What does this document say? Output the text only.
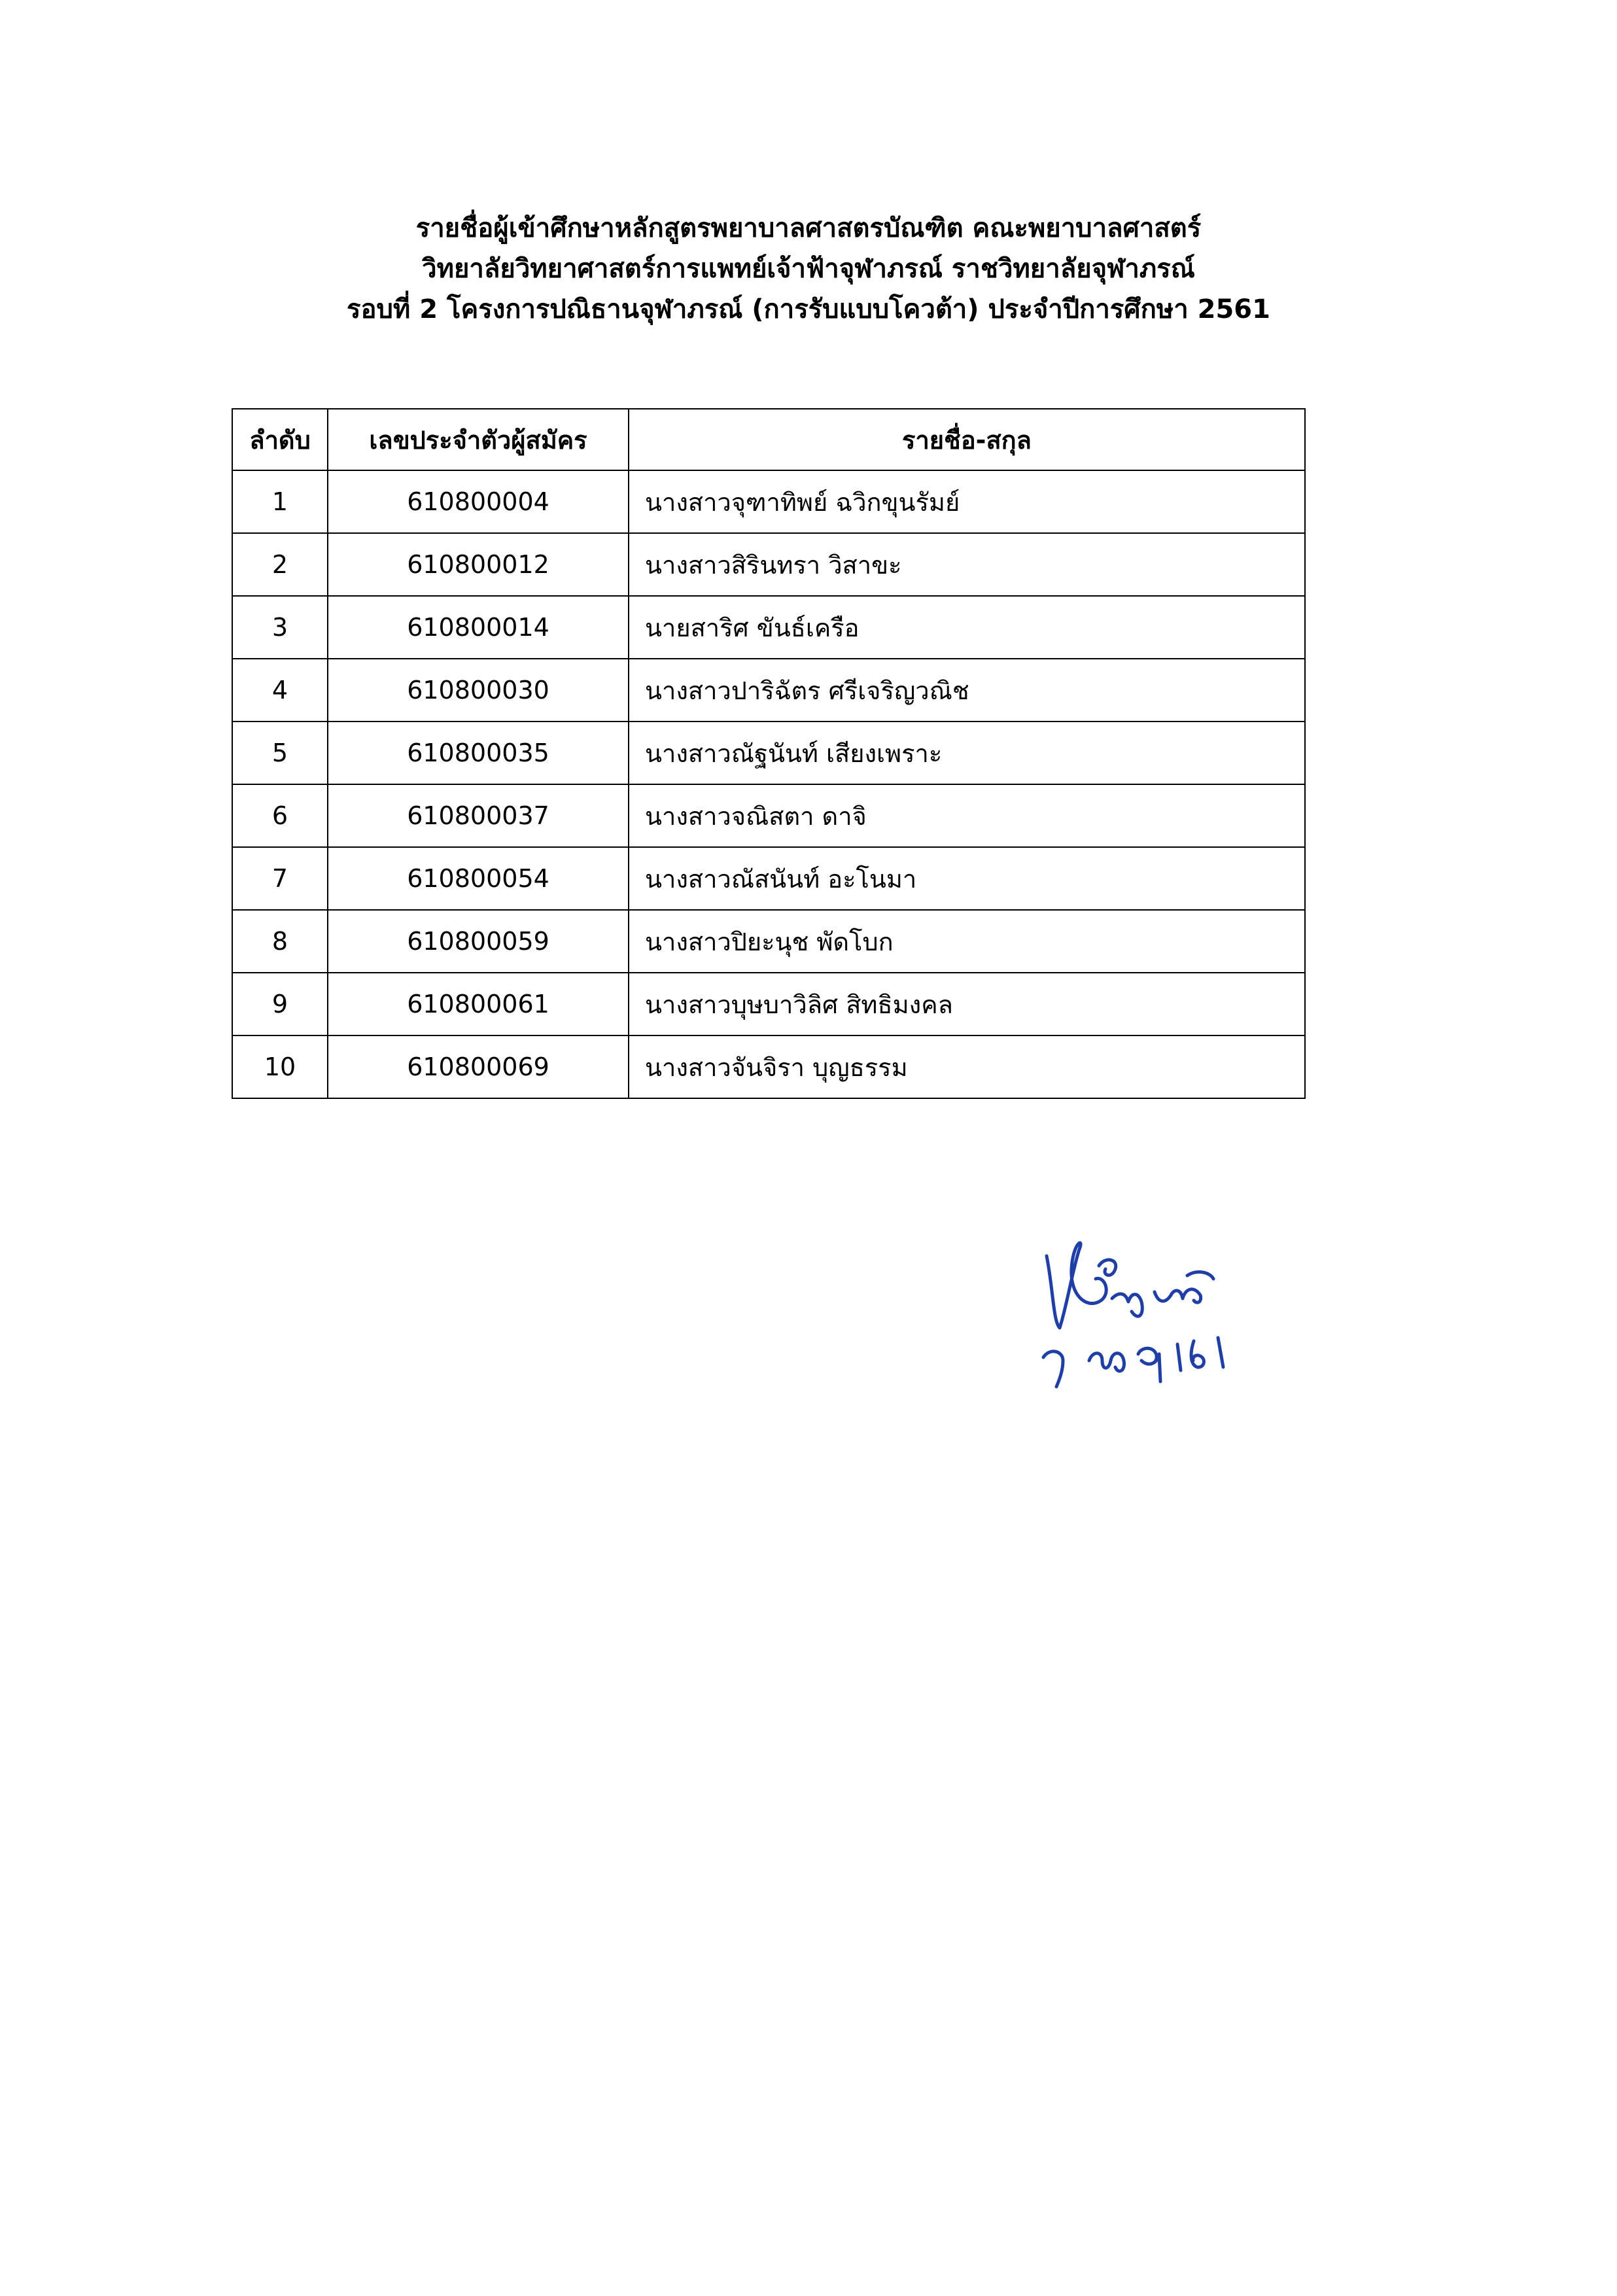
รายชื่อผู้เข้าศึกษาหลักสูตรพยาบาลศาสตรบัณฑิต คณะพยาบาลศาสตร์
วิทยาลัยวิทยาศาสตร์การแพทย์เจ้าฟ้าจุฬาภรณ์ ราชวิทยาลัยจุฬาภรณ์
รอบที่ 2 โครงการปณิธานจุฬาภรณ์ (การรับแบบโควต้า) ประจำปีการศึกษา 2561
ลำดับ	เลขประจำตัวผู้สมัคร	รายชื่อ-สกุล
1	610800004	นางสาวจุฑาทิพย์ ฉวิกขุนรัมย์
2	610800012	นางสาวสิรินทรา วิสาขะ
3	610800014	นายสาริศ ขันธ์เครือ
4	610800030	นางสาวปาริฉัตร ศรีเจริญวณิช
5	610800035	นางสาวณัฐนันท์ เสียงเพราะ
6	610800037	นางสาวจณิสตา ดาจิ
7	610800054	นางสาวณัสนันท์ อะโนมา
8	610800059	นางสาวปิยะนุช พัดโบก
9	610800061	นางสาวบุษบาวิลิศ สิทธิมงคล
10	610800069	นางสาวจันจิรา บุญธรรม
